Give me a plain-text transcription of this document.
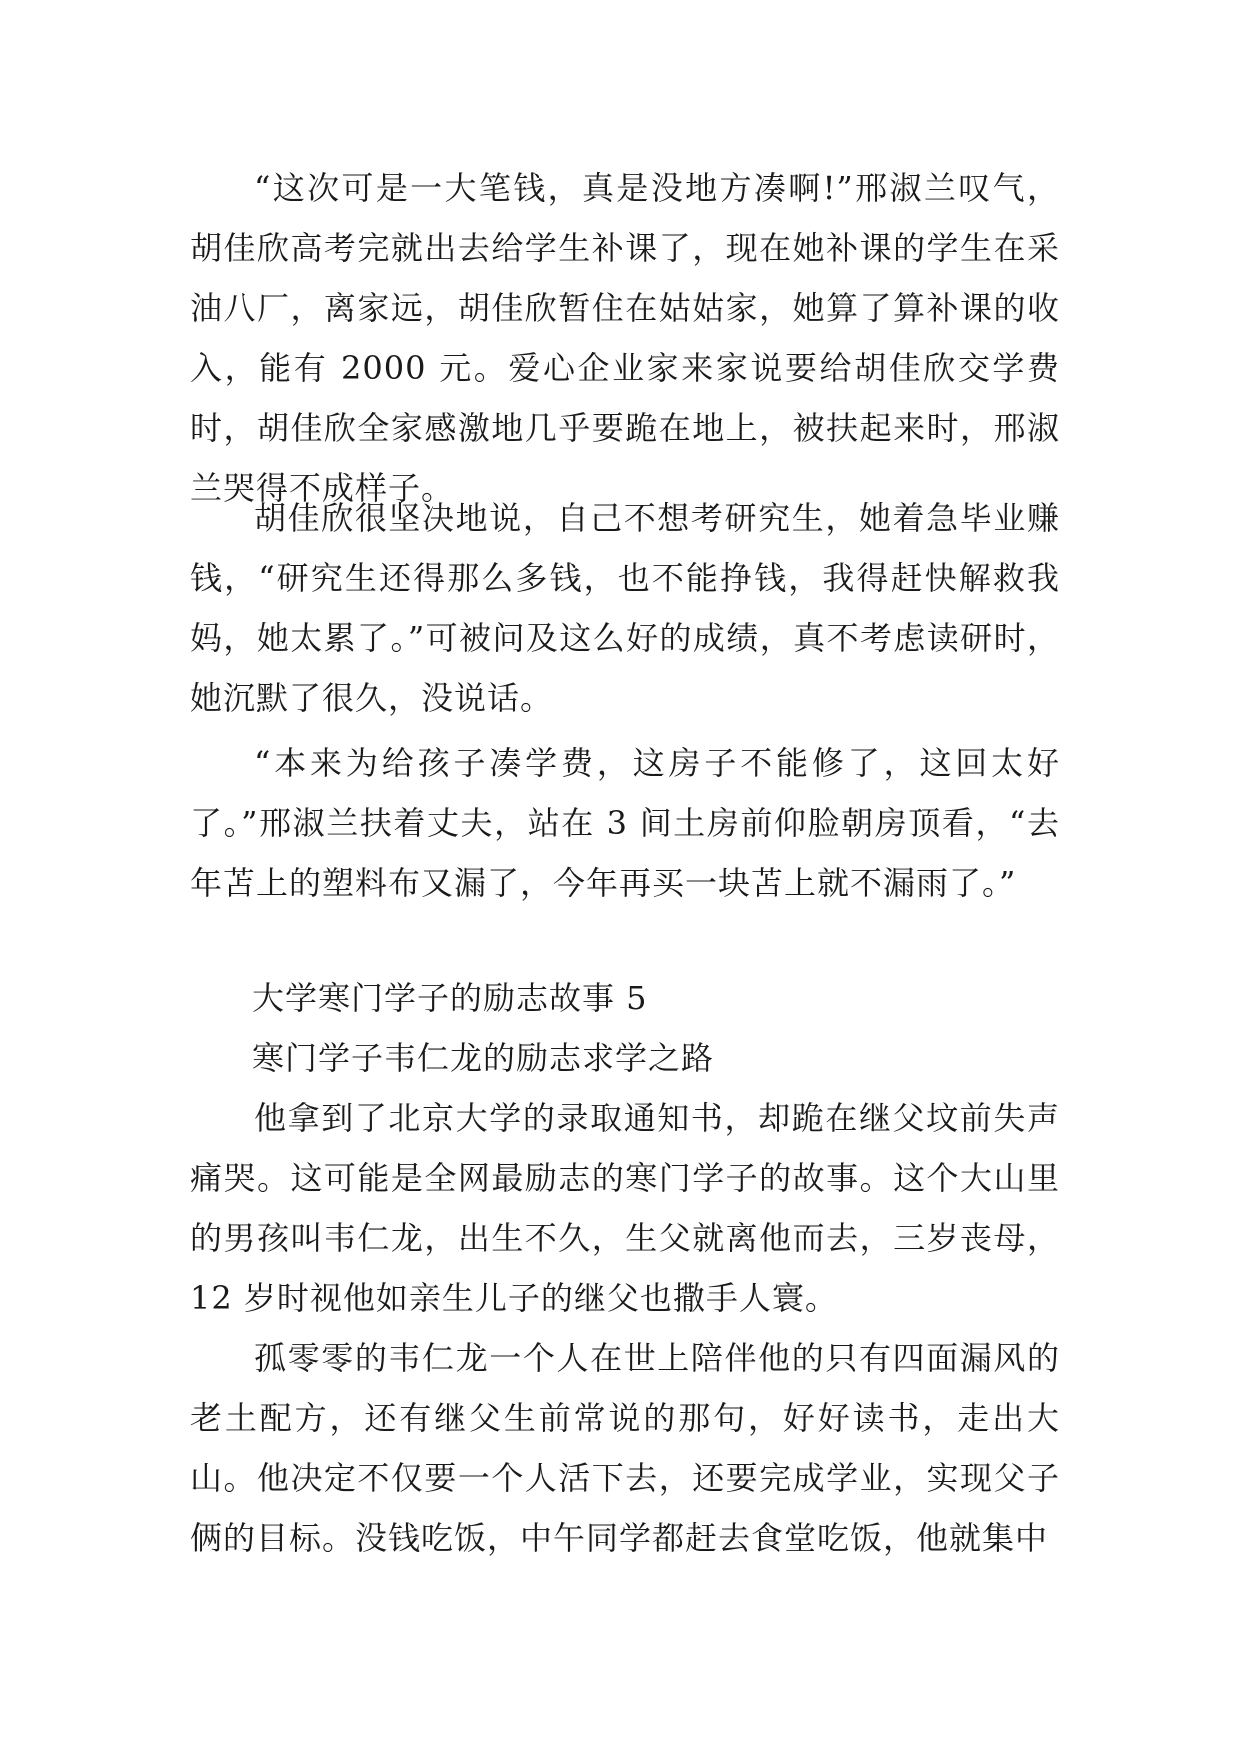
“这次可是一大笔钱，真是没地方凑啊!”邢淑兰叹气，胡佳欣高考完就出去给学生补课了，现在她补课的学生在采油八厂，离家远，胡佳欣暂住在姑姑家，她算了算补课的收入，能有 2000 元。爱心企业家来家说要给胡佳欣交学费时，胡佳欣全家感激地几乎要跪在地上，被扶起来时，邢淑兰哭得不成样子。

胡佳欣很坚决地说，自己不想考研究生，她着急毕业赚钱，“研究生还得那么多钱，也不能挣钱，我得赶快解救我妈，她太累了。”可被问及这么好的成绩，真不考虑读研时，她沉默了很久，没说话。

“本来为给孩子凑学费，这房子不能修了，这回太好了。”邢淑兰扶着丈夫，站在 3 间土房前仰脸朝房顶看，“去年苫上的塑料布又漏了，今年再买一块苫上就不漏雨了。”

大学寒门学子的励志故事 5

寒门学子韦仁龙的励志求学之路

他拿到了北京大学的录取通知书，却跪在继父坟前失声痛哭。这可能是全网最励志的寒门学子的故事。这个大山里的男孩叫韦仁龙，出生不久，生父就离他而去，三岁丧母，12 岁时视他如亲生儿子的继父也撒手人寰。

孤零零的韦仁龙一个人在世上陪伴他的只有四面漏风的老土配方，还有继父生前常说的那句，好好读书，走出大山。他决定不仅要一个人活下去，还要完成学业，实现父子俩的目标。没钱吃饭，中午同学都赶去食堂吃饭，他就集中
